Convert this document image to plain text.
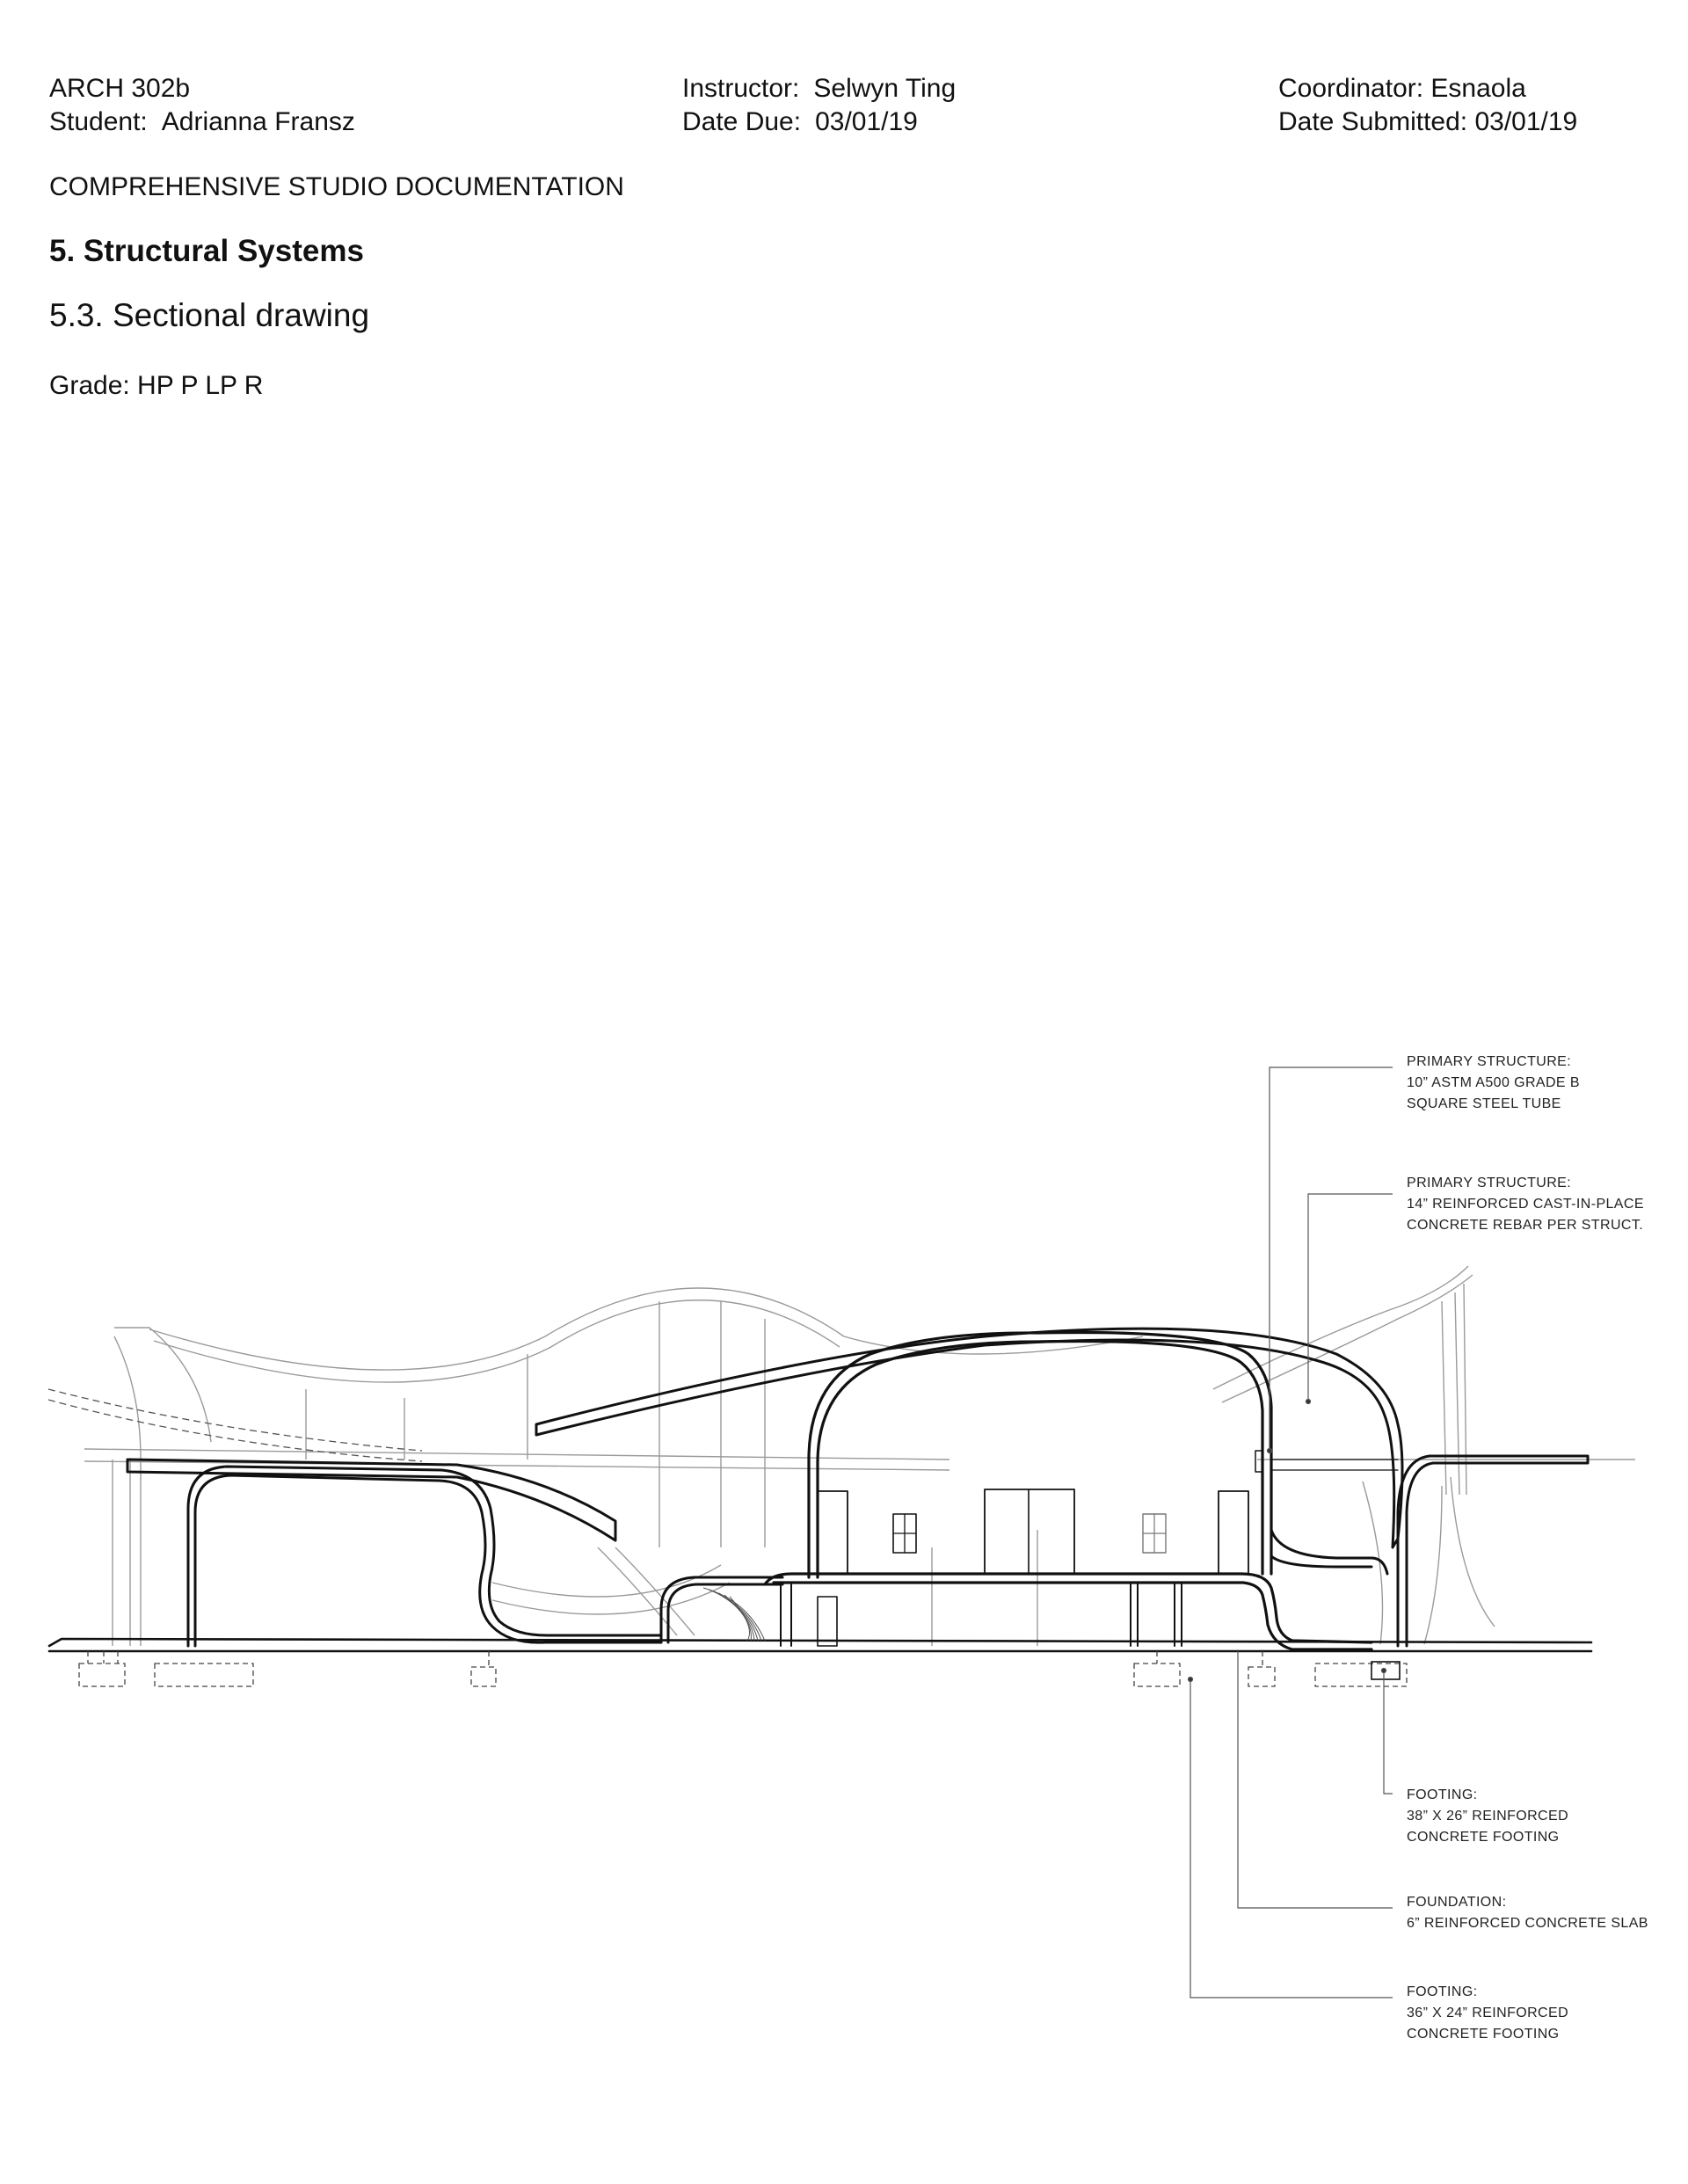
ARCH 302b
Student: Adrianna Fransz
Instructor: Selwyn Ting
Date Due: 03/01/19
Coordinator: Esnaola
Date Submitted: 03/01/19
COMPREHENSIVE STUDIO DOCUMENTATION
5. Structural Systems
5.3. Sectional drawing
Grade: HP P LP R
PRIMARY STRUCTURE:
10” ASTM A500 GRADE B
SQUARE STEEL TUBE
PRIMARY STRUCTURE:
14” REINFORCED CAST-IN-PLACE
CONCRETE REBAR PER STRUCT.
FOOTING:
38” X 26” REINFORCED
CONCRETE FOOTING
FOUNDATION:
6” REINFORCED CONCRETE SLAB
FOOTING:
36” X 24” REINFORCED
CONCRETE FOOTING
